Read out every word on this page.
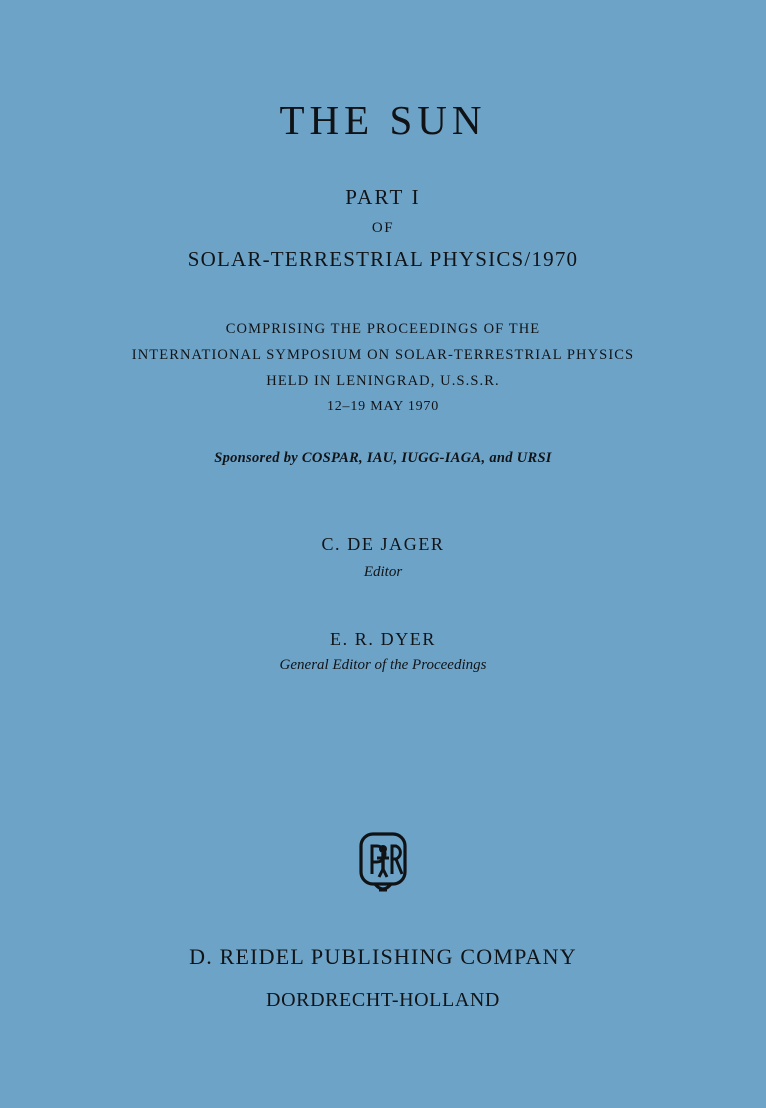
THE SUN
PART I
OF
SOLAR-TERRESTRIAL PHYSICS/1970
COMPRISING THE PROCEEDINGS OF THE
INTERNATIONAL SYMPOSIUM ON SOLAR-TERRESTRIAL PHYSICS
HELD IN LENINGRAD, U.S.S.R.
12–19 MAY 1970
Sponsored by COSPAR, IAU, IUGG-IAGA, and URSI
C. DE JAGER
Editor
E. R. DYER
General Editor of the Proceedings
D. REIDEL PUBLISHING COMPANY
DORDRECHT-HOLLAND
